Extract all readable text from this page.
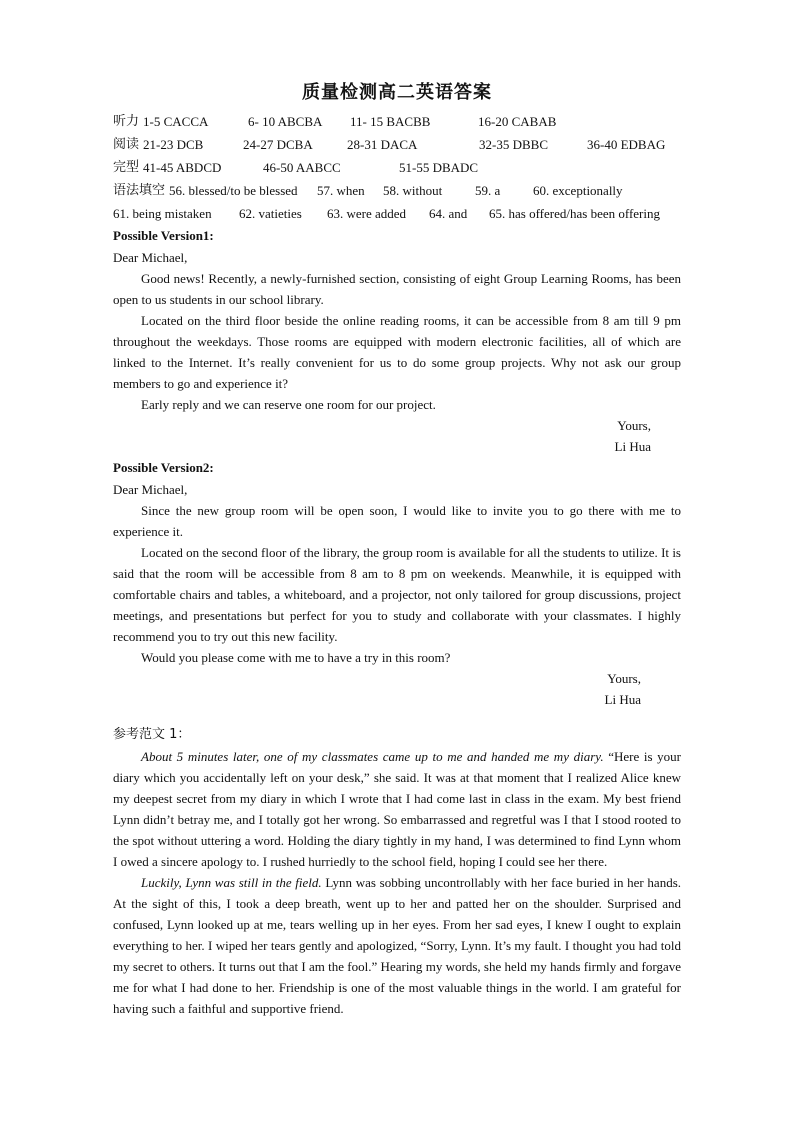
质量检测高二英语答案
听力 1-5 CACCA	6- 10 ABCBA	11- 15 BACBB	16-20 CABAB
阅读 21-23 DCB	24-27 DCBA	28-31 DACA	32-35 DBBC	36-40 EDBAG
完型 41-45 ABDCD	46-50 AABCC	51-55 DBADC
语法填空 56. blessed/to be blessed	57. when	58. without	59. a	60. exceptionally
61. being mistaken	62. vatieties	63. were added	64. and	65. has offered/has been offering
Possible Version1:

Dear Michael,

Good news! Recently, a newly-furnished section, consisting of eight Group Learning Rooms, has been open to us students in our school library.

Located on the third floor beside the online reading rooms, it can be accessible from 8 am till 9 pm throughout the weekdays. Those rooms are equipped with modern electronic facilities, all of which are linked to the Internet. It’s really convenient for us to do some group projects. Why not ask our group members to go and experience it?

Early reply and we can reserve one room for our project.

Yours,
Li Hua
Possible Version2:

Dear Michael,

Since the new group room will be open soon, I would like to invite you to go there with me to experience it.

Located on the second floor of the library, the group room is available for all the students to utilize. It is said that the room will be accessible from 8 am to 8 pm on weekends. Meanwhile, it is equipped with comfortable chairs and tables, a whiteboard, and a projector, not only tailored for group discussions, project meetings, and presentations but perfect for you to study and collaborate with your classmates. I highly recommend you to try out this new facility.

Would you please come with me to have a try in this room?

Yours,
Li Hua
参考范文 1：

About 5 minutes later, one of my classmates came up to me and handed me my diary. “Here is your diary which you accidentally left on your desk,” she said. It was at that moment that I realized Alice knew my deepest secret from my diary in which I wrote that I had come last in class in the exam. My best friend Lynn didn’t betray me, and I totally got her wrong. So embarrassed and regretful was I that I stood rooted to the spot without uttering a word. Holding the diary tightly in my hand, I was determined to find Lynn whom I owed a sincere apology to. I rushed hurriedly to the school field, hoping I could see her there.

Luckily, Lynn was still in the field. Lynn was sobbing uncontrollably with her face buried in her hands. At the sight of this, I took a deep breath, went up to her and patted her on the shoulder. Surprised and confused, Lynn looked up at me, tears welling up in her eyes. From her sad eyes, I knew I ought to explain everything to her. I wiped her tears gently and apologized, “Sorry, Lynn. It’s my fault. I thought you had told my secret to others. It turns out that I am the fool.” Hearing my words, she held my hands firmly and forgave me for what I had done to her. Friendship is one of the most valuable things in the world. I am grateful for having such a faithful and supportive friend.
